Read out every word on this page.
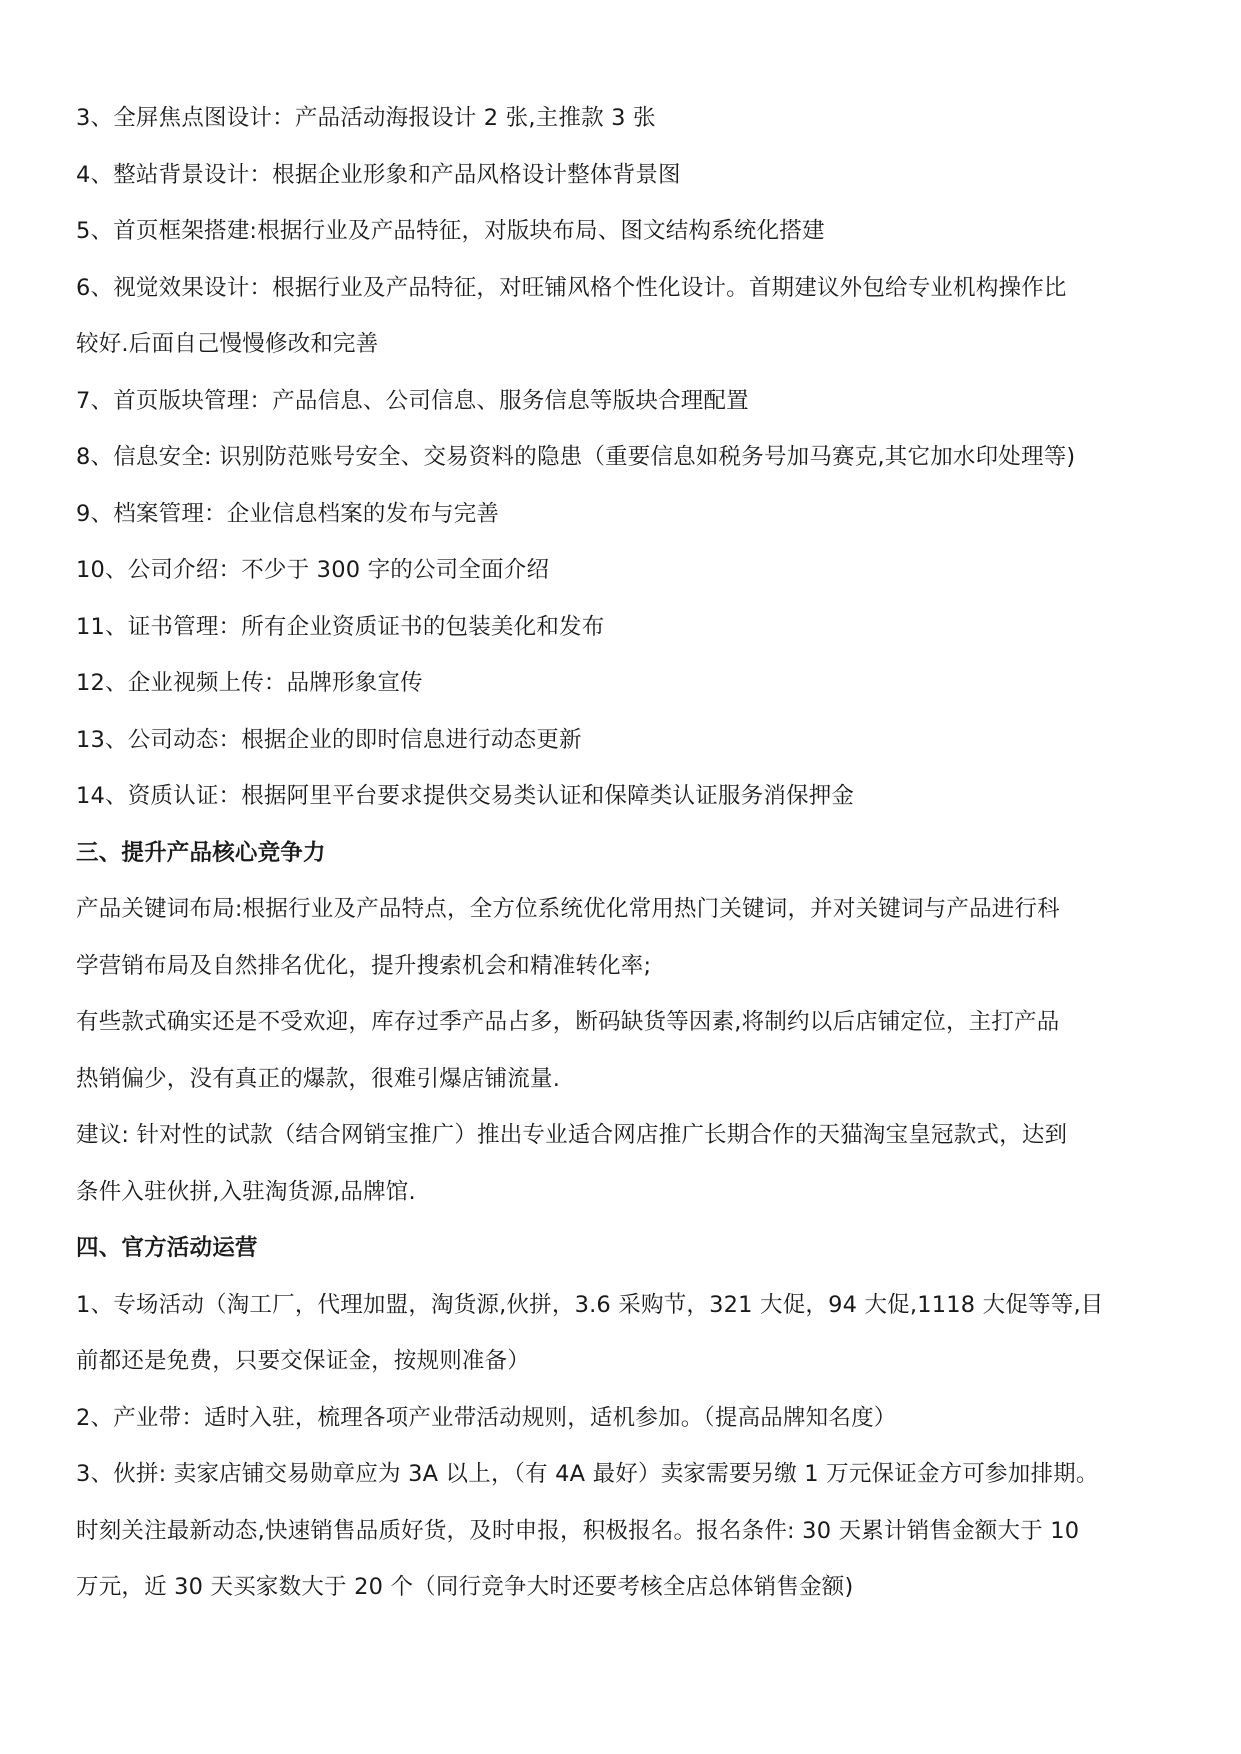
3、全屏焦点图设计：产品活动海报设计 2 张,主推款 3 张
4、整站背景设计：根据企业形象和产品风格设计整体背景图
5、首页框架搭建:根据行业及产品特征，对版块布局、图文结构系统化搭建
6、视觉效果设计：根据行业及产品特征，对旺铺风格个性化设计。首期建议外包给专业机构操作比
较好.后面自己慢慢修改和完善
7、首页版块管理：产品信息、公司信息、服务信息等版块合理配置
8、信息安全: 识别防范账号安全、交易资料的隐患（重要信息如税务号加马赛克,其它加水印处理等)
9、档案管理：企业信息档案的发布与完善
10、公司介绍：不少于 300 字的公司全面介绍
11、证书管理：所有企业资质证书的包装美化和发布
12、企业视频上传：品牌形象宣传
13、公司动态：根据企业的即时信息进行动态更新
14、资质认证：根据阿里平台要求提供交易类认证和保障类认证服务消保押金
三、提升产品核心竞争力
产品关键词布局:根据行业及产品特点，全方位系统优化常用热门关键词，并对关键词与产品进行科
学营销布局及自然排名优化，提升搜索机会和精准转化率;
有些款式确实还是不受欢迎，库存过季产品占多，断码缺货等因素,将制约以后店铺定位，主打产品
热销偏少，没有真正的爆款，很难引爆店铺流量.
建议: 针对性的试款（结合网销宝推广）推出专业适合网店推广长期合作的天猫淘宝皇冠款式，达到
条件入驻伙拼,入驻淘货源,品牌馆.
四、官方活动运营
1、专场活动（淘工厂，代理加盟，淘货源,伙拼，3.6 采购节，321 大促，94 大促,1118 大促等等,目
前都还是免费，只要交保证金，按规则准备）
2、产业带：适时入驻，梳理各项产业带活动规则，适机参加。（提高品牌知名度）
3、伙拼: 卖家店铺交易勋章应为 3A 以上，（有 4A 最好）卖家需要另缴 1 万元保证金方可参加排期。
时刻关注最新动态,快速销售品质好货，及时申报，积极报名。报名条件: 30 天累计销售金额大于 10
万元，近 30 天买家数大于 20 个（同行竞争大时还要考核全店总体销售金额)
